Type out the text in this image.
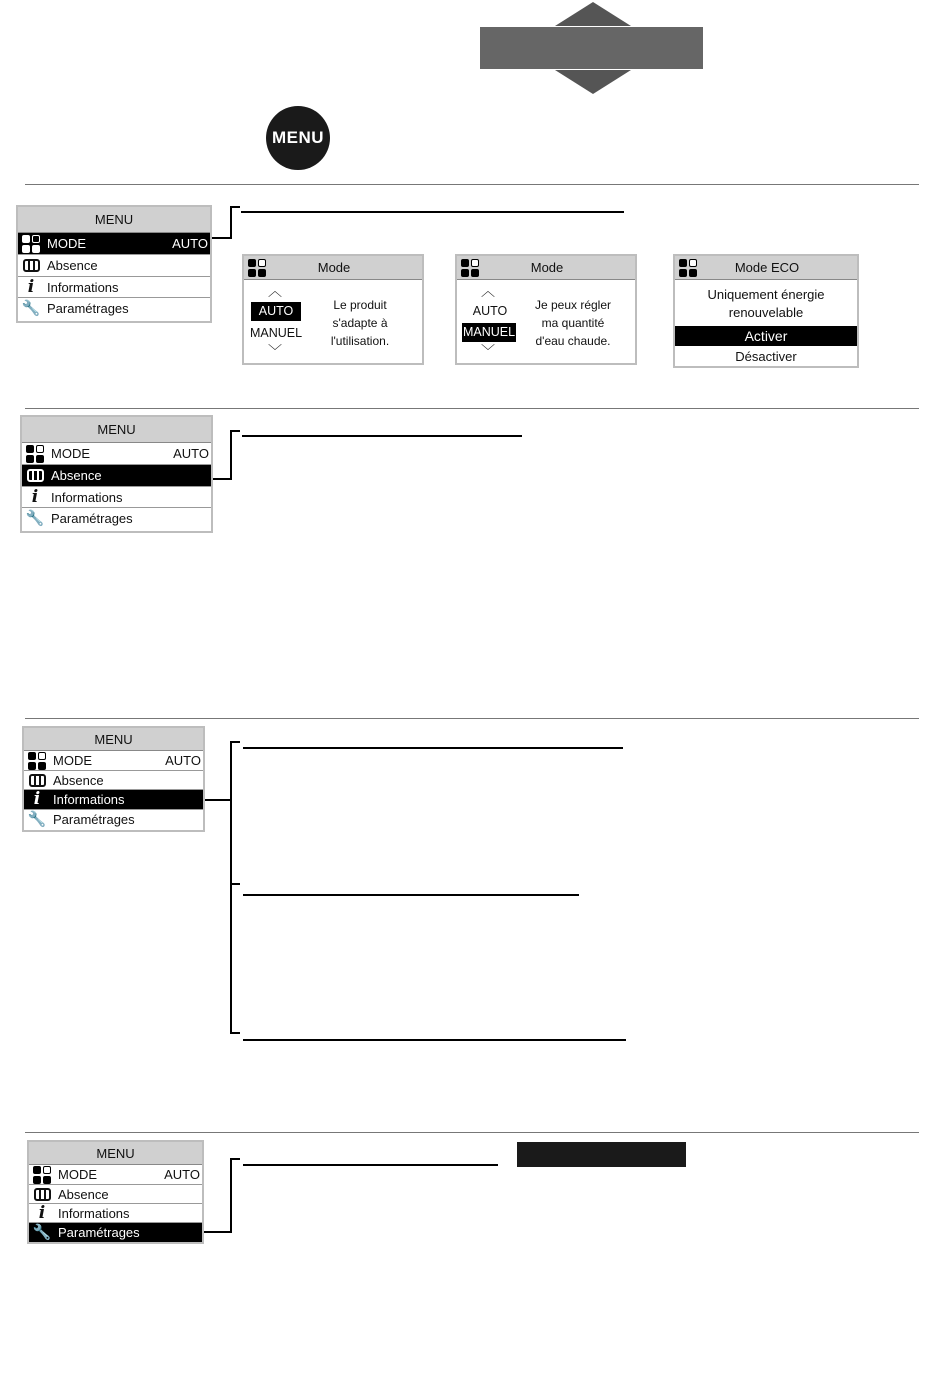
MENU
MENU
MODE	AUTO
Absence
i Informations
🔧 Paramétrages
Mode
︿
AUTO
MANUEL
﹀
Le produit
s'adapte à
l'utilisation.
Mode
︿
AUTO
MANUEL
﹀
Je peux régler
ma quantité
d'eau chaude.
Mode ECO
Uniquement énergie
renouvelable
Activer
Désactiver
MENU
MODE	AUTO
Absence
i Informations
🔧 Paramétrages
MENU
MODE	AUTO
Absence
i Informations
🔧 Paramétrages
MENU
MODE	AUTO
Absence
i Informations
🔧 Paramétrages
